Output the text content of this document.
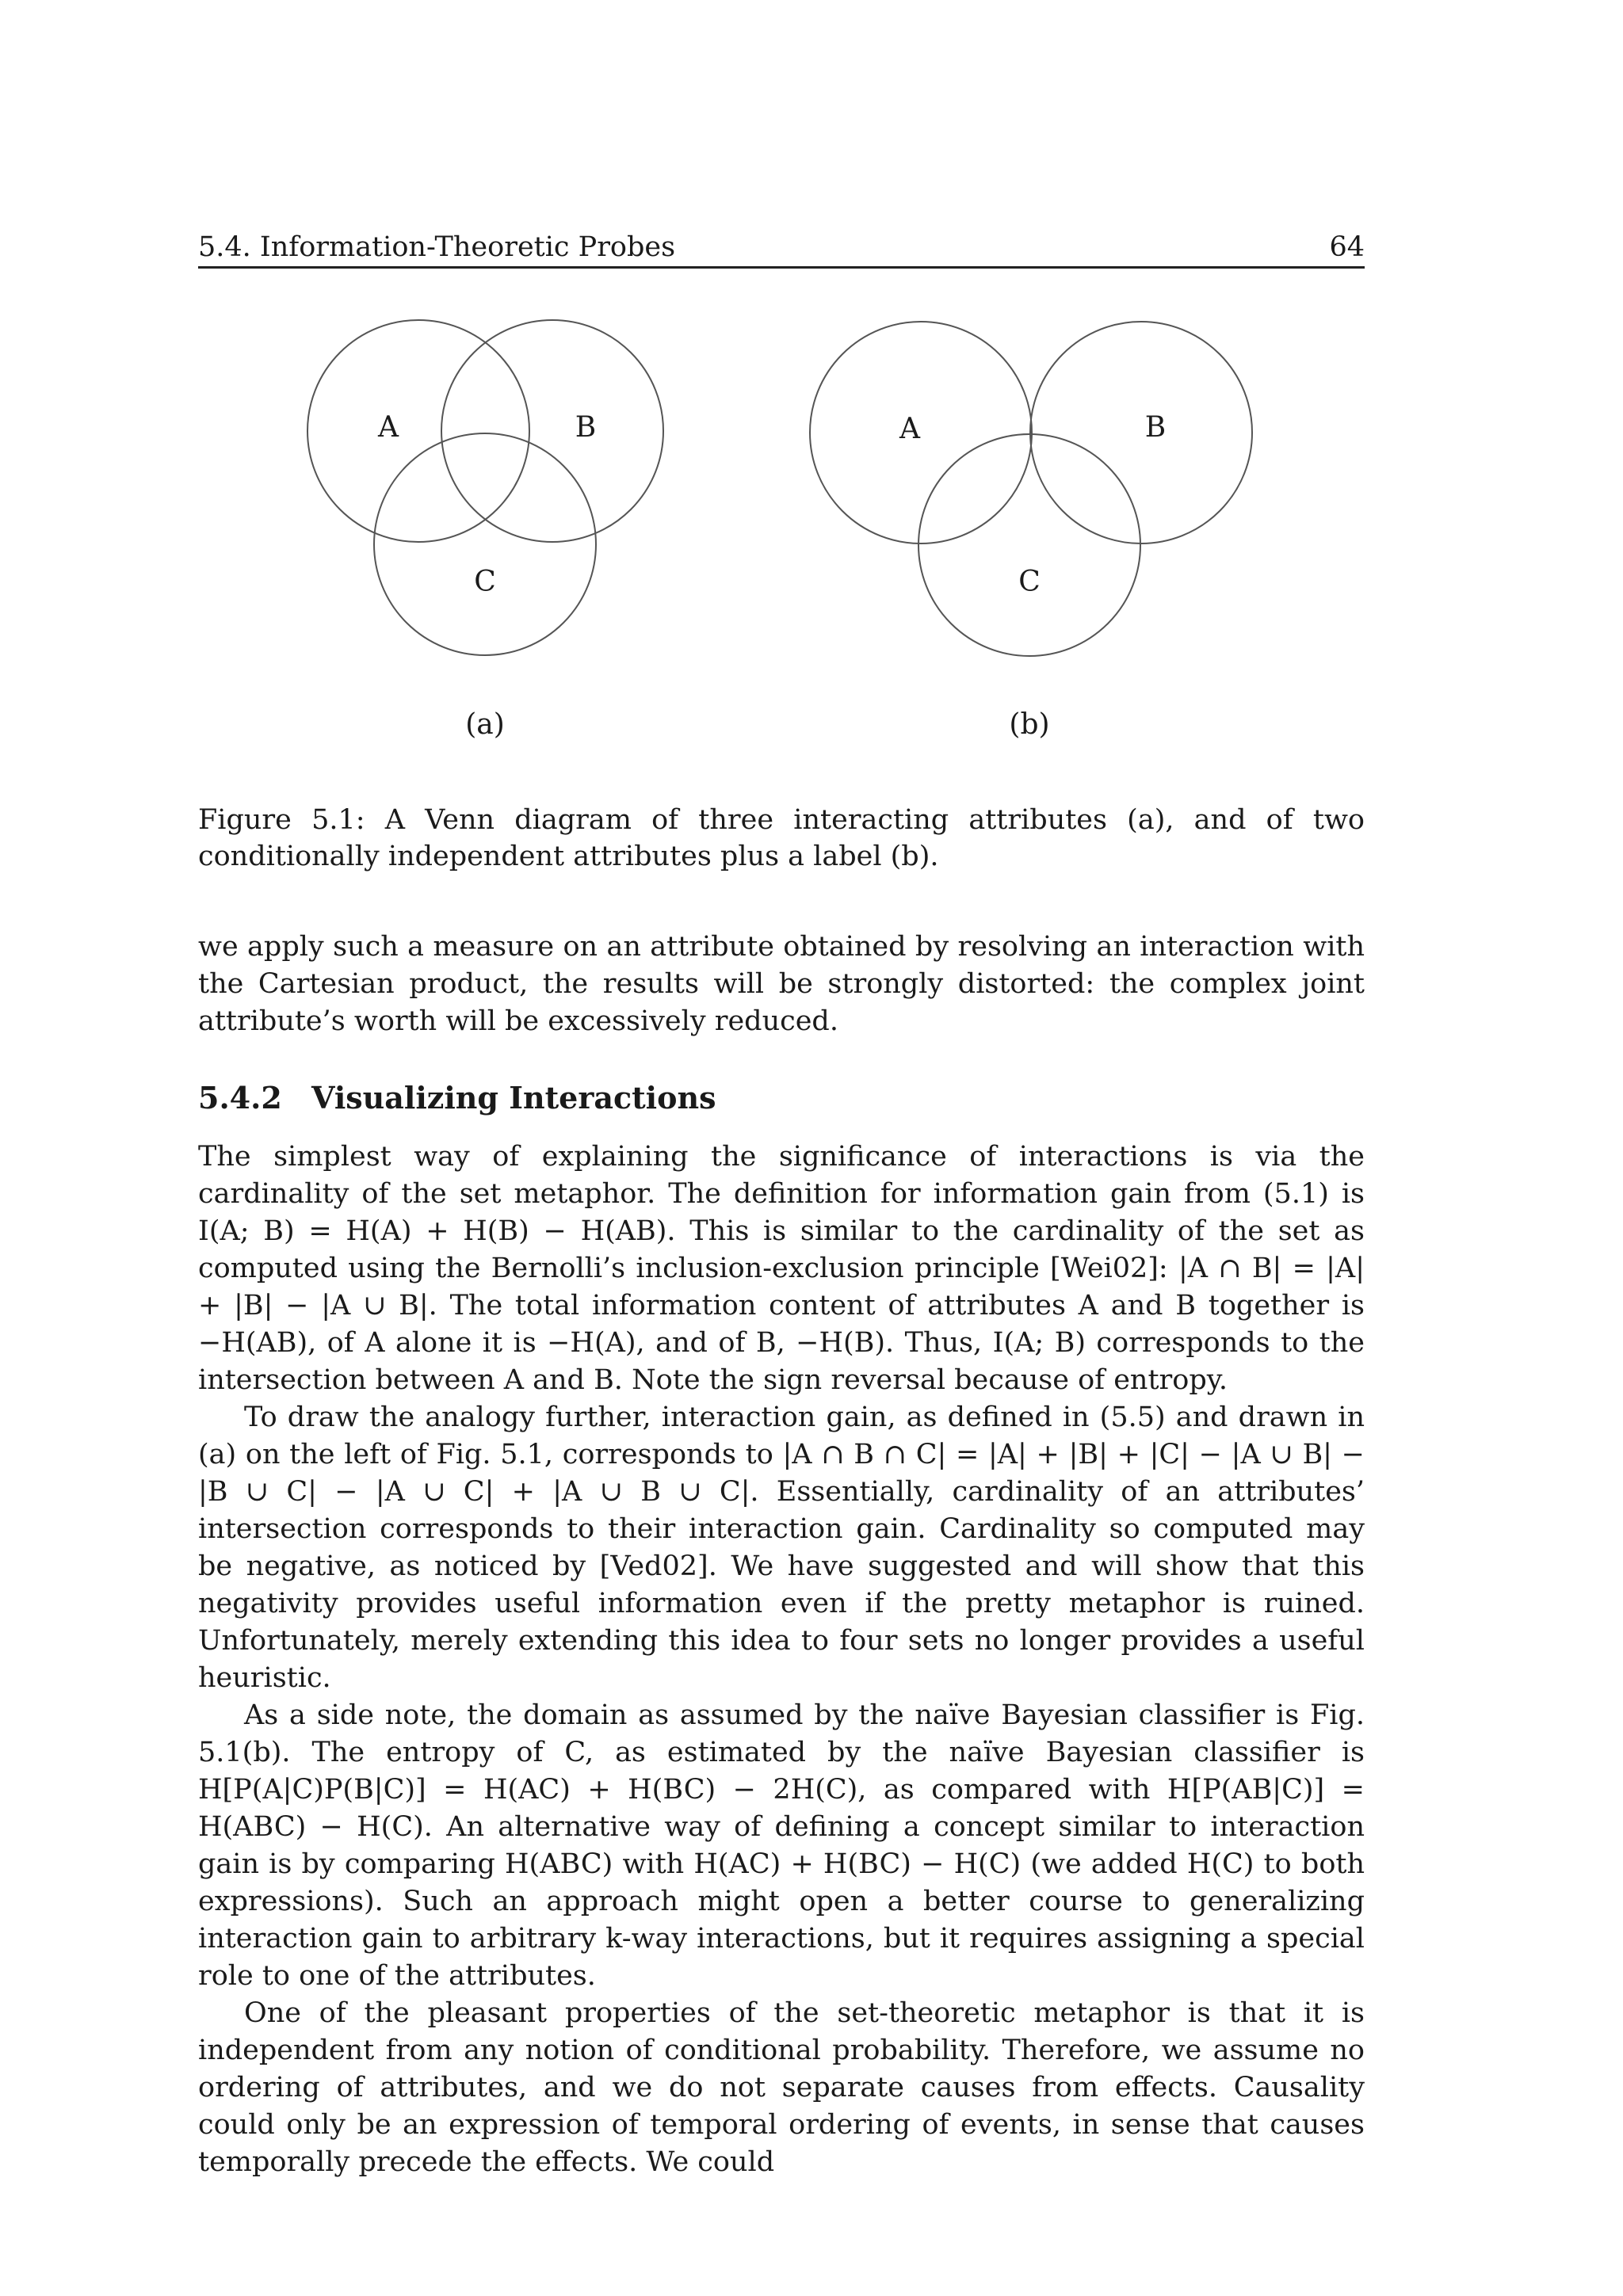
5.4. Information-Theoretic Probes	64
A	B
C
(a)
A	B
C
(b)
Figure 5.1: A Venn diagram of three interacting attributes (a), and of two conditionally independent attributes plus a label (b).

we apply such a measure on an attribute obtained by resolving an interaction with the Cartesian product, the results will be strongly distorted: the complex joint attribute’s worth will be excessively reduced.

5.4.2 Visualizing Interactions

The simplest way of explaining the significance of interactions is via the cardinality of the set metaphor. The definition for information gain from (5.1) is I(A; B) = H(A) + H(B) − H(AB). This is similar to the cardinality of the set as computed using the Bernolli’s inclusion-exclusion principle [Wei02]: |A ∩ B| = |A| + |B| − |A ∪ B|. The total information content of attributes A and B together is −H(AB), of A alone it is −H(A), and of B, −H(B). Thus, I(A; B) corresponds to the intersection between A and B. Note the sign reversal because of entropy.

To draw the analogy further, interaction gain, as defined in (5.5) and drawn in (a) on the left of Fig. 5.1, corresponds to |A ∩ B ∩ C| = |A| + |B| + |C| − |A ∪ B| − |B ∪ C| − |A ∪ C| + |A ∪ B ∪ C|. Essentially, cardinality of an attributes’ intersection corresponds to their interaction gain. Cardinality so computed may be negative, as noticed by [Ved02]. We have suggested and will show that this negativity provides useful information even if the pretty metaphor is ruined. Unfortunately, merely extending this idea to four sets no longer provides a useful heuristic.

As a side note, the domain as assumed by the naïve Bayesian classifier is Fig. 5.1(b). The entropy of C, as estimated by the naïve Bayesian classifier is H[P(A|C)P(B|C)] = H(AC) + H(BC) − 2H(C), as compared with H[P(AB|C)] = H(ABC) − H(C). An alternative way of defining a concept similar to interaction gain is by comparing H(ABC) with H(AC) + H(BC) − H(C) (we added H(C) to both expressions). Such an approach might open a better course to generalizing interaction gain to arbitrary k-way interactions, but it requires assigning a special role to one of the attributes.

One of the pleasant properties of the set-theoretic metaphor is that it is independent from any notion of conditional probability. Therefore, we assume no ordering of attributes, and we do not separate causes from effects. Causality could only be an expression of temporal ordering of events, in sense that causes temporally precede the effects. We could
